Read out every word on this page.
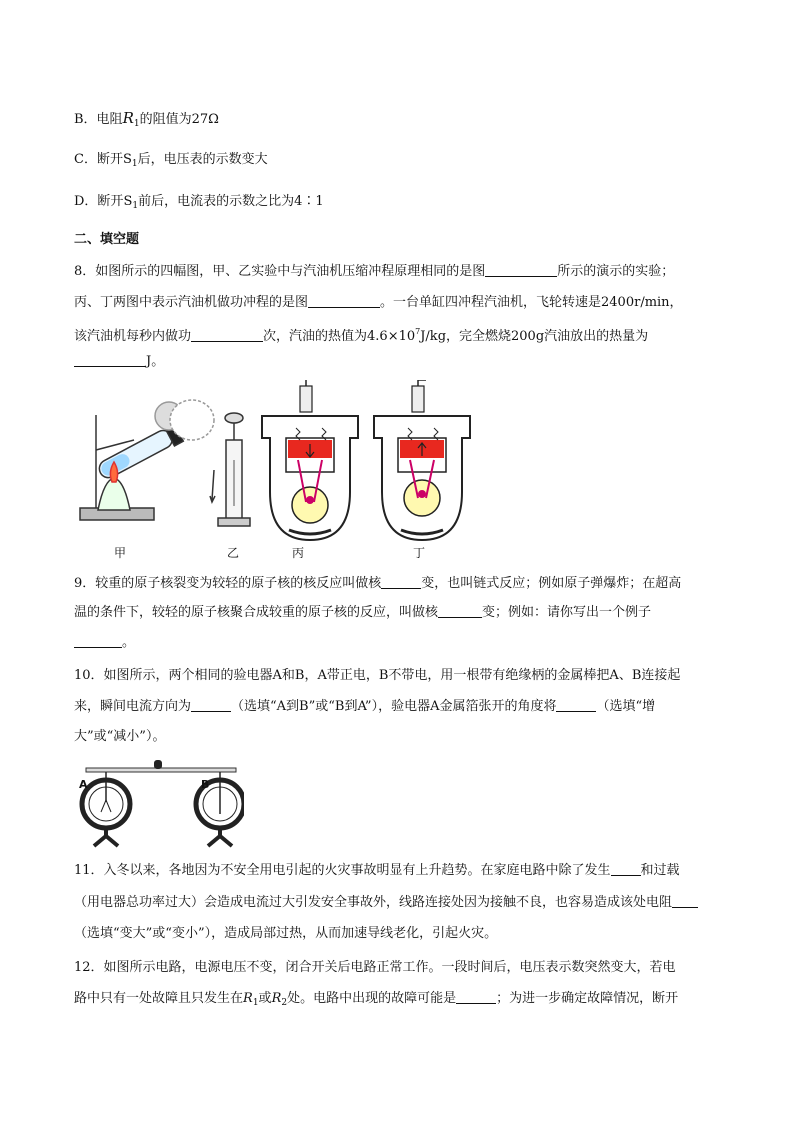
B．电阻$R_1$的阻值为27Ω
C．断开$S_1$后，电压表的示数变大
D．断开$S_1$前后，电流表的示数之比为4∶1
二、填空题
8．如图所示的四幅图，甲、乙实验中与汽油机压缩冲程原理相同的是图	所示的演示的实验；
丙、丁两图中表示汽油机做功冲程的是图	。一台单缸四冲程汽油机，飞轮转速是2400r/min，
该汽油机每秒内做功	次，汽油的热值为$4.6\times 10^7J/kg$，完全燃烧200g汽油放出的热量为
J。
甲	乙	丙	丁
9．较重的原子核裂变为较轻的原子核的核反应叫做核	变，也叫链式反应；例如原子弹爆炸；在超高
温的条件下，较轻的原子核聚合成较重的原子核的反应，叫做核	变；例如：请你写出一个例子
。
10．如图所示，两个相同的验电器A和B，A带正电，B不带电，用一根带有绝缘柄的金属棒把A、B连接起
来，瞬间电流方向为	（选填“A到B”或“B到A”），验电器A金属箔张开的角度将	（选填“增
大”或“减小”）。
A	B
11．入冬以来，各地因为不安全用电引起的火灾事故明显有上升趋势。在家庭电路中除了发生 和过载
（用电器总功率过大）会造成电流过大引发安全事故外，线路连接处因为接触不良，也容易造成该处电阻
（选填“变大”或“变小”），造成局部过热，从而加速导线老化，引起火灾。
12．如图所示电路，电源电压不变，闭合开关后电路正常工作。一段时间后，电压表示数突然变大，若电
路中只有一处故障且只发生在$R_1$或$R_2$处。电路中出现的故障可能是	；为进一步确定故障情况，断开
